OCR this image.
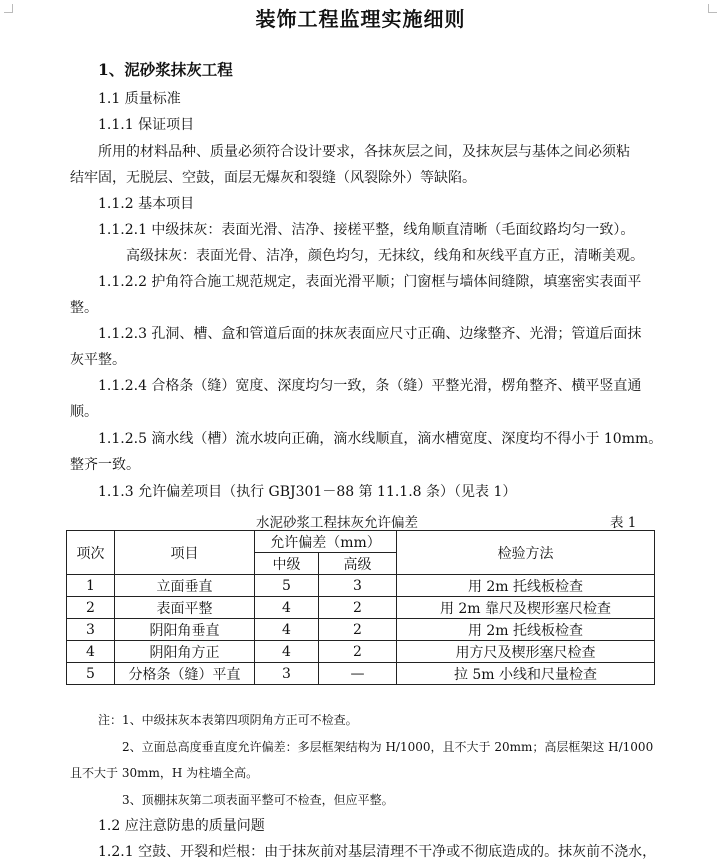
装饰工程监理实施细则
1、泥砂浆抹灰工程
1.1 质量标准
1.1.1 保证项目
所用的材料品种、质量必须符合设计要求，各抹灰层之间，及抹灰层与基体之间必须粘
结牢固，无脱层、空鼓，面层无爆灰和裂缝（风裂除外）等缺陷。
1.1.2 基本项目
1.1.2.1 中级抹灰：表面光滑、洁净、接槎平整，线角顺直清晰（毛面纹路均匀一致）。
高级抹灰：表面光骨、洁净，颜色均匀，无抹纹，线角和灰线平直方正，清晰美观。
1.1.2.2 护角符合施工规范规定，表面光滑平顺；门窗框与墙体间缝隙，填塞密实表面平
整。
1.1.2.3 孔洞、槽、盒和管道后面的抹灰表面应尺寸正确、边缘整齐、光滑；管道后面抹
灰平整。
1.1.2.4 合格条（缝）宽度、深度均匀一致，条（缝）平整光滑，楞角整齐、横平竖直通
顺。
1.1.2.5 滴水线（槽）流水坡向正确，滴水线顺直，滴水槽宽度、深度均不得小于 10mm。
整齐一致。
1.1.3 允许偏差项目（执行 GBJ301－88 第 11.1.8 条）（见表 1）
水泥砂浆工程抹灰允许偏差	表 1
项次	项目	允许偏差（mm）		检验方法
		中级	高级	
1	立面垂直	5	3	用 2m 托线板检查
2	表面平整	4	2	用 2m 靠尺及楔形塞尺检查
3	阴阳角垂直	4	2	用 2m 托线板检查
4	阴阳角方正	4	2	用方尺及楔形塞尺检查
5	分格条（缝）平直	3	—	拉 5m 小线和尺量检查
注：1、中级抹灰本表第四项阴角方正可不检查。
2、立面总高度垂直度允许偏差：多层框架结构为 H/1000，且不大于 20mm；高层框架这 H/1000
且不大于 30mm，H 为柱墙全高。
3、顶棚抹灰第二项表面平整可不检查，但应平整。
1.2 应注意防患的质量问题
1.2.1 空鼓、开裂和烂根：由于抹灰前对基层清理不干净或不彻底造成的。抹灰前不浇水，
